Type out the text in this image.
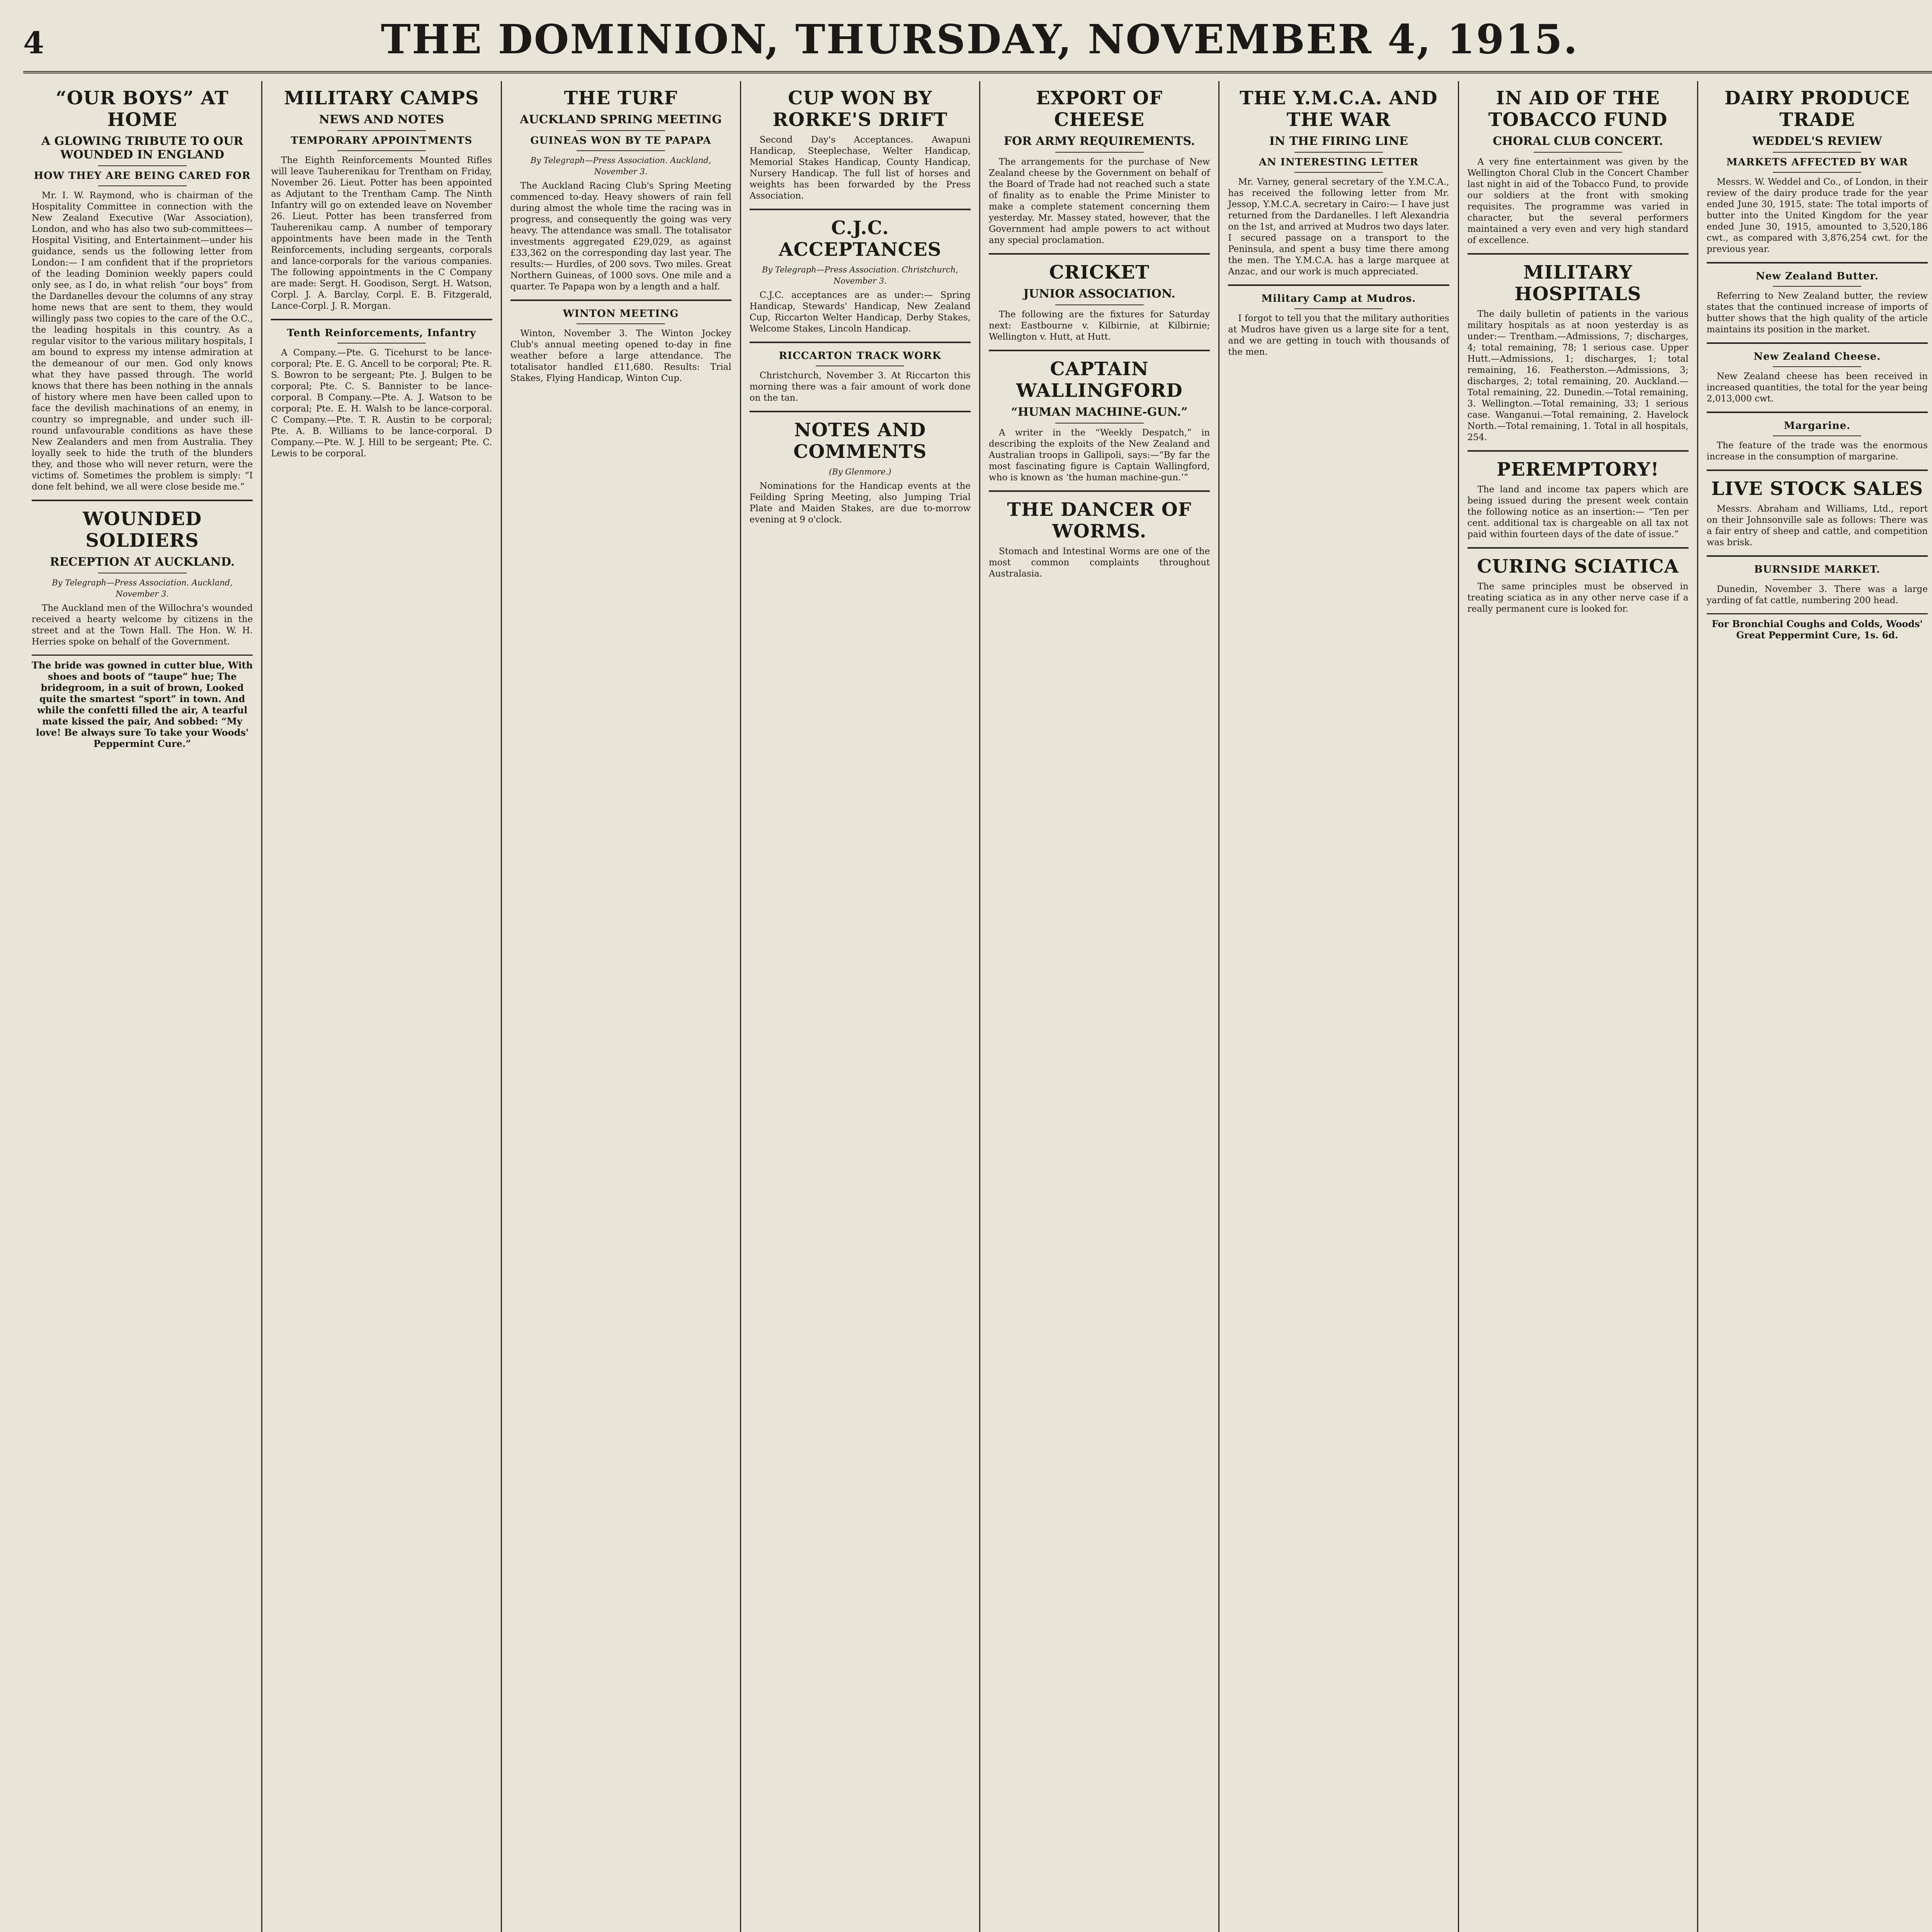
4	THE DOMINION, THURSDAY, NOVEMBER 4, 1915.
“OUR BOYS” AT HOME
A GLOWING TRIBUTE TO OUR WOUNDED IN ENGLAND
HOW THEY ARE BEING CARED FOR

Mr. I. W. Raymond, who is chairman of the Hospitality Committee in connection with the New Zealand Executive (War Association), London, and who has also two sub-committees—Hospital Visiting, and Entertainment—under his guidance, sends us the following letter from London:— I am confident that if the proprietors of the leading Dominion weekly papers could only see, as I do, in what relish “our boys” from the Dardanelles devour the columns of any stray home news that are sent to them, they would willingly pass two copies to the care of the O.C., the leading hospitals in this country. As a regular visitor to the various military hospitals, I am bound to express my intense admiration at the demeanour of our men. God only knows what they have passed through. The world knows that there has been nothing in the annals of history where men have been called upon to face the devilish machinations of an enemy, in country so impregnable, and under such ill-round unfavourable conditions as have these New Zealanders and men from Australia. They loyally seek to hide the truth of the blunders they, and those who will never return, were the victims of. Sometimes the problem is simply: “I done felt behind, we all were close beside me.”

WOUNDED SOLDIERS
RECEPTION AT AUCKLAND.

By Telegraph—Press Association. Auckland, November 3.

The Auckland men of the Willochra's wounded received a hearty welcome by citizens in the street and at the Town Hall. The Hon. W. H. Herries spoke on behalf of the Government.

The bride was gowned in cutter blue, With shoes and boots of “taupe” hue; The bridegroom, in a suit of brown, Looked quite the smartest “sport” in town. And while the confetti filled the air, A tearful mate kissed the pair, And sobbed: “My love! Be always sure To take your Woods' Peppermint Cure.”
MILITARY CAMPS
NEWS AND NOTES
TEMPORARY APPOINTMENTS

The Eighth Reinforcements Mounted Rifles will leave Tauherenikau for Trentham on Friday, November 26. Lieut. Potter has been appointed as Adjutant to the Trentham Camp. The Ninth Infantry will go on extended leave on November 26. Lieut. Potter has been transferred from Tauherenikau camp. A number of temporary appointments have been made in the Tenth Reinforcements, including sergeants, corporals and lance-corporals for the various companies. The following appointments in the C Company are made: Sergt. H. Goodison, Sergt. H. Watson, Corpl. J. A. Barclay, Corpl. E. B. Fitzgerald, Lance-Corpl. J. R. Morgan.

Tenth Reinforcements, Infantry

A Company.—Pte. G. Ticehurst to be lance-corporal; Pte. E. G. Ancell to be corporal; Pte. R. S. Bowron to be sergeant; Pte. J. Bulgen to be corporal; Pte. C. S. Bannister to be lance-corporal. B Company.—Pte. A. J. Watson to be corporal; Pte. E. H. Walsh to be lance-corporal. C Company.—Pte. T. R. Austin to be corporal; Pte. A. B. Williams to be lance-corporal. D Company.—Pte. W. J. Hill to be sergeant; Pte. C. Lewis to be corporal.

THE TURF
AUCKLAND SPRING MEETING
GUINEAS WON BY TE PAPAPA

By Telegraph—Press Association. Auckland, November 3.

The Auckland Racing Club's Spring Meeting commenced to-day. Heavy showers of rain fell during almost the whole time the racing was in progress, and consequently the going was very heavy. The attendance was small. The totalisator investments aggregated £29,029, as against £33,362 on the corresponding day last year. The results:— Hurdles, of 200 sovs. Two miles. Great Northern Guineas, of 1000 sovs. One mile and a quarter. Te Papapa won by a length and a half.

WINTON MEETING

Winton, November 3. The Winton Jockey Club's annual meeting opened to-day in fine weather before a large attendance. The totalisator handled £11,680. Results: Trial Stakes, Flying Handicap, Winton Cup.

CUP WON BY RORKE'S DRIFT

Second Day's Acceptances. Awapuni Handicap, Steeplechase, Welter Handicap, Memorial Stakes Handicap, County Handicap, Nursery Handicap. The full list of horses and weights has been forwarded by the Press Association.

C.J.C. ACCEPTANCES

By Telegraph—Press Association. Christchurch, November 3.

C.J.C. acceptances are as under:— Spring Handicap, Stewards' Handicap, New Zealand Cup, Riccarton Welter Handicap, Derby Stakes, Welcome Stakes, Lincoln Handicap.

RICCARTON TRACK WORK

Christchurch, November 3. At Riccarton this morning there was a fair amount of work done on the tan.

NOTES AND COMMENTS

(By Glenmore.)

Nominations for the Handicap events at the Feilding Spring Meeting, also Jumping Trial Plate and Maiden Stakes, are due to-morrow evening at 9 o'clock.

EXPORT OF CHEESE
FOR ARMY REQUIREMENTS.

The arrangements for the purchase of New Zealand cheese by the Government on behalf of the Board of Trade had not reached such a state of finality as to enable the Prime Minister to make a complete statement concerning them yesterday. Mr. Massey stated, however, that the Government had ample powers to act without any special proclamation.

CRICKET
JUNIOR ASSOCIATION.

The following are the fixtures for Saturday next: Eastbourne v. Kilbirnie, at Kilbirnie; Wellington v. Hutt, at Hutt.

CAPTAIN WALLINGFORD
“HUMAN MACHINE-GUN.”

A writer in the “Weekly Despatch,” in describing the exploits of the New Zealand and Australian troops in Gallipoli, says:—“By far the most fascinating figure is Captain Wallingford, who is known as ‘the human machine-gun.’”

THE DANCER OF WORMS.

Stomach and Intestinal Worms are one of the most common complaints throughout Australasia.

THE Y.M.C.A. AND THE WAR
IN THE FIRING LINE
AN INTERESTING LETTER

Mr. Varney, general secretary of the Y.M.C.A., has received the following letter from Mr. Jessop, Y.M.C.A. secretary in Cairo:— I have just returned from the Dardanelles. I left Alexandria on the 1st, and arrived at Mudros two days later. I secured passage on a transport to the Peninsula, and spent a busy time there among the men. The Y.M.C.A. has a large marquee at Anzac, and our work is much appreciated.

Military Camp at Mudros.

I forgot to tell you that the military authorities at Mudros have given us a large site for a tent, and we are getting in touch with thousands of the men.

IN AID OF THE TOBACCO FUND
CHORAL CLUB CONCERT.

A very fine entertainment was given by the Wellington Choral Club in the Concert Chamber last night in aid of the Tobacco Fund, to provide our soldiers at the front with smoking requisites. The programme was varied in character, but the several performers maintained a very even and very high standard of excellence.

MILITARY HOSPITALS

The daily bulletin of patients in the various military hospitals as at noon yesterday is as under:— Trentham.—Admissions, 7; discharges, 4; total remaining, 78; 1 serious case. Upper Hutt.—Admissions, 1; discharges, 1; total remaining, 16. Featherston.—Admissions, 3; discharges, 2; total remaining, 20. Auckland.—Total remaining, 22. Dunedin.—Total remaining, 3. Wellington.—Total remaining, 33; 1 serious case. Wanganui.—Total remaining, 2. Havelock North.—Total remaining, 1. Total in all hospitals, 254.

PEREMPTORY!

The land and income tax papers which are being issued during the present week contain the following notice as an insertion:— “Ten per cent. additional tax is chargeable on all tax not paid within fourteen days of the date of issue.”

CURING SCIATICA

The same principles must be observed in treating sciatica as in any other nerve case if a really permanent cure is looked for.

DAIRY PRODUCE TRADE
WEDDEL'S REVIEW
MARKETS AFFECTED BY WAR

Messrs. W. Weddel and Co., of London, in their review of the dairy produce trade for the year ended June 30, 1915, state: The total imports of butter into the United Kingdom for the year ended June 30, 1915, amounted to 3,520,186 cwt., as compared with 3,876,254 cwt. for the previous year.

New Zealand Butter.

Referring to New Zealand butter, the review states that the continued increase of imports of butter shows that the high quality of the article maintains its position in the market.

New Zealand Cheese.

New Zealand cheese has been received in increased quantities, the total for the year being 2,013,000 cwt.

Margarine.

The feature of the trade was the enormous increase in the consumption of margarine.

LIVE STOCK SALES

Messrs. Abraham and Williams, Ltd., report on their Johnsonville sale as follows: There was a fair entry of sheep and cattle, and competition was brisk.

BURNSIDE MARKET.

Dunedin, November 3. There was a large yarding of fat cattle, numbering 200 head.

For Bronchial Coughs and Colds, Woods' Great Peppermint Cure, 1s. 6d.
